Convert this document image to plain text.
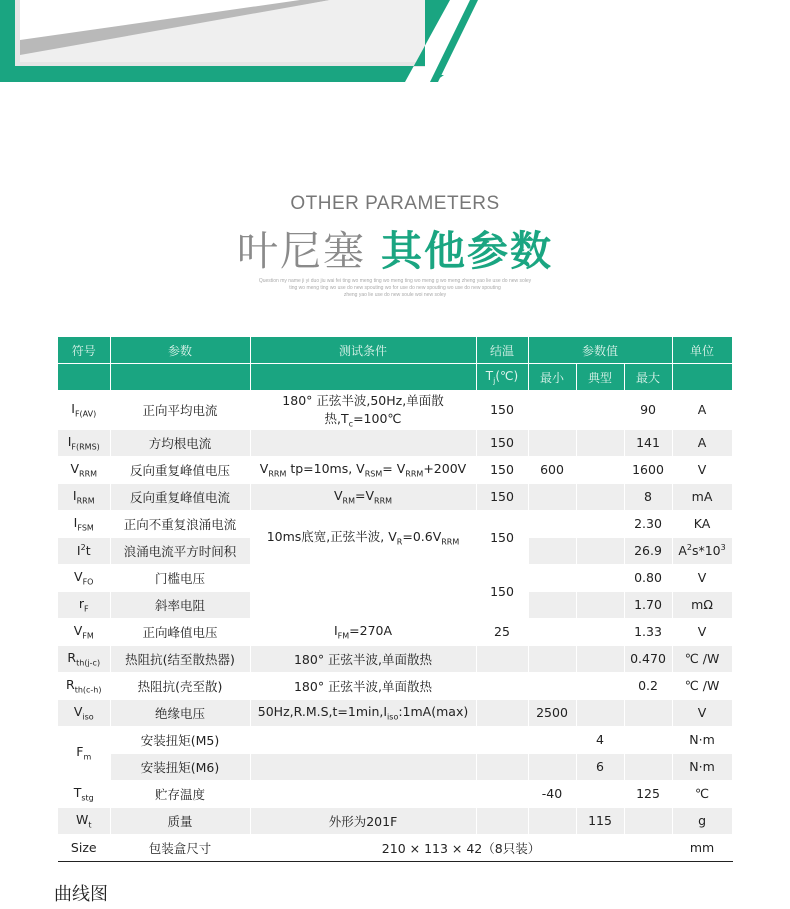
OTHER PARAMETERS
叶尼塞 其他参数
Question my name ji yi duo jiu wai fei ting wo meng ting wo meng ting wo meng g wo meng zheng yao lie use do new soley
ting wo meng ting wo use do new spouting wo for use do new spouting wo use do new spouting
zheng yao lie use do new soule woi new soley
符号	参数	测试条件	结温	参数值			单位
			$T_j(℃)$	最小	典型	最大	
$I_{F(AV)}$	正向平均电流	180° 正弦半波,50Hz,单面散热$,T_c=100℃$	150			90	A
$I_{F(RMS)}$	方均根电流		150			141	A
$V_{RRM}$	反向重复峰值电压	$V_{RRM}$ tp=10ms, $V_{RSM}= V_{RRM}+200V$	150	600		1600	V
$I_{RRM}$	反向重复峰值电流	$V_{RM}=V_{RRM}$	150			8	mA
$I_{FSM}$	正向不重复浪涌电流	10ms底宽,正弦半波, $V_R=0.6V_{RRM}$	150			2.30	KA
$I^2t$	浪涌电流平方时间积					26.9	$A^2s*10^3$
$V_{FO}$	门槛电压		150			0.80	V
$r_F$	斜率电阻					1.70	mΩ
$V_{FM}$	正向峰值电压	$I_{FM}=270A$	25			1.33	V
$R_{th(j-c)}$	热阻抗(结至散热器)	180° 正弦半波,单面散热				0.470	℃ /W
$R_{th(c-h)}$	热阻抗(壳至散)	180° 正弦半波,单面散热				0.2	℃ /W
$V_{iso}$	绝缘电压	$50Hz,R.M.S,t=1\min,I_{iso}:1mA(\max)$		2500			V
$F_m$	安装扭矩(M5)				4		N·m
	安装扭矩(M6)				6		N·m
$T_{stg}$	贮存温度			-40		125	℃
$W_t$	质量	外形为201F			115		g
Size	包装盒尺寸	210 × 113 × 42（8只装）					mm
曲线图
